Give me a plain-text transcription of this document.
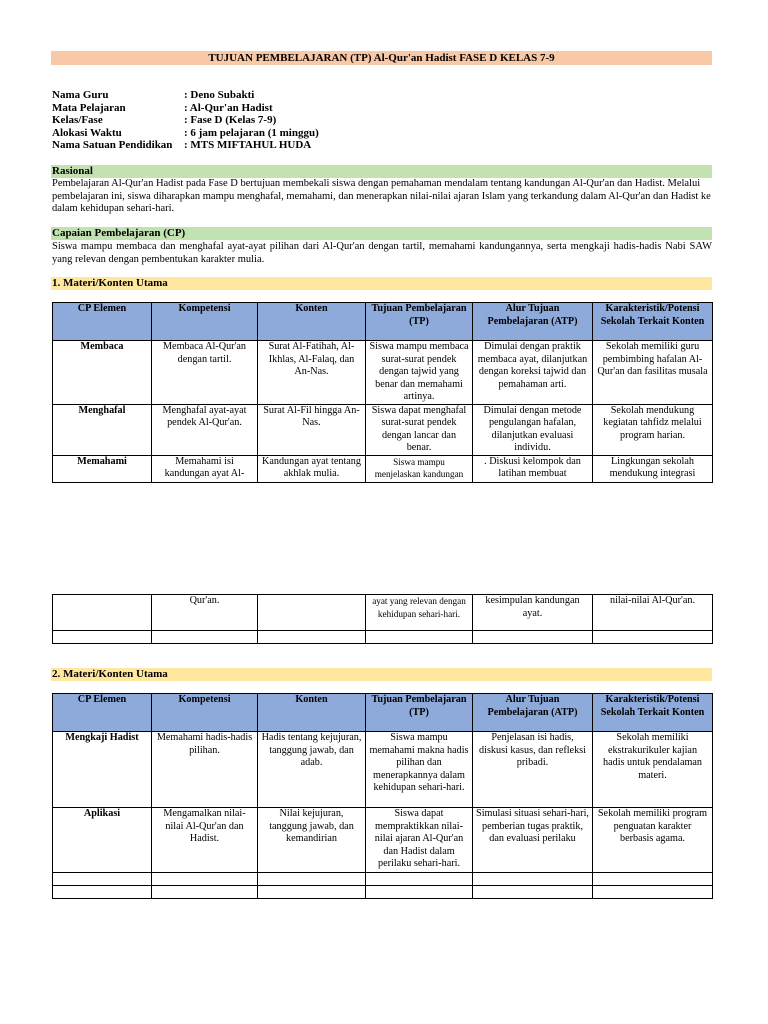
TUJUAN PEMBELAJARAN (TP) Al-Qur'an Hadist FASE D KELAS 7-9
Nama Guru	: Deno Subakti
Mata Pelajaran	: Al-Qur'an Hadist
Kelas/Fase	: Fase D (Kelas 7-9)
Alokasi Waktu	: 6 jam pelajaran (1 minggu)
Nama Satuan Pendidikan	: MTS MIFTAHUL HUDA
Rasional
Pembelajaran Al-Qur'an Hadist pada Fase D bertujuan membekali siswa dengan pemahaman mendalam tentang kandungan Al-Qur'an dan Hadist. Melalui pembelajaran ini, siswa diharapkan mampu menghafal, memahami, dan menerapkan nilai-nilai ajaran Islam yang terkandung dalam Al-Qur'an dan Hadist ke dalam kehidupan sehari-hari.
Capaian Pembelajaran (CP)
Siswa mampu membaca dan menghafal ayat-ayat pilihan dari Al-Qur'an dengan tartil, memahami kandungannya, serta mengkaji hadis-hadis Nabi SAW yang relevan dengan pembentukan karakter mulia.
1. Materi/Konten Utama
CP Elemen	Kompetensi	Konten	Tujuan Pembelajaran (TP)	Alur Tujuan Pembelajaran (ATP)	Karakteristik/Potensi Sekolah Terkait Konten
Membaca	Membaca Al-Qur'an dengan tartil.	Surat Al-Fatihah, Al-Ikhlas, Al-Falaq, dan An-Nas.	Siswa mampu membaca surat-surat pendek dengan tajwid yang benar dan memahami artinya.	Dimulai dengan praktik membaca ayat, dilanjutkan dengan koreksi tajwid dan pemahaman arti.	Sekolah memiliki guru pembimbing hafalan Al-Qur'an dan fasilitas musala
Menghafal	Menghafal ayat-ayat pendek Al-Qur'an.	Surat Al-Fil hingga An-Nas.	Siswa dapat menghafal surat-surat pendek dengan lancar dan benar.	Dimulai dengan metode pengulangan hafalan, dilanjutkan evaluasi individu.	Sekolah mendukung kegiatan tahfidz melalui program harian.
Memahami	Memahami isi kandungan ayat Al-	Kandungan ayat tentang akhlak mulia.	Siswa mampu menjelaskan kandungan	. Diskusi kelompok dan latihan membuat	Lingkungan sekolah mendukung integrasi
	Qur'an.		ayat yang relevan dengan kehidupan sehari-hari.	kesimpulan kandungan ayat.	nilai-nilai Al-Qur'an.

2. Materi/Konten Utama
CP Elemen	Kompetensi	Konten	Tujuan Pembelajaran (TP)	Alur Tujuan Pembelajaran (ATP)	Karakteristik/Potensi Sekolah Terkait Konten
Mengkaji Hadist	Memahami hadis-hadis pilihan.	Hadis tentang kejujuran, tanggung jawab, dan adab.	Siswa mampu memahami makna hadis pilihan dan menerapkannya dalam kehidupan sehari-hari.	Penjelasan isi hadis, diskusi kasus, dan refleksi pribadi.	Sekolah memiliki ekstrakurikuler kajian hadis untuk pendalaman materi.
Aplikasi	Mengamalkan nilai-nilai Al-Qur'an dan Hadist.	Nilai kejujuran, tanggung jawab, dan kemandirian	Siswa dapat mempraktikkan nilai-nilai ajaran Al-Qur'an dan Hadist dalam perilaku sehari-hari.	Simulasi situasi sehari-hari, pemberian tugas praktik, dan evaluasi perilaku	Sekolah memiliki program penguatan karakter berbasis agama.
